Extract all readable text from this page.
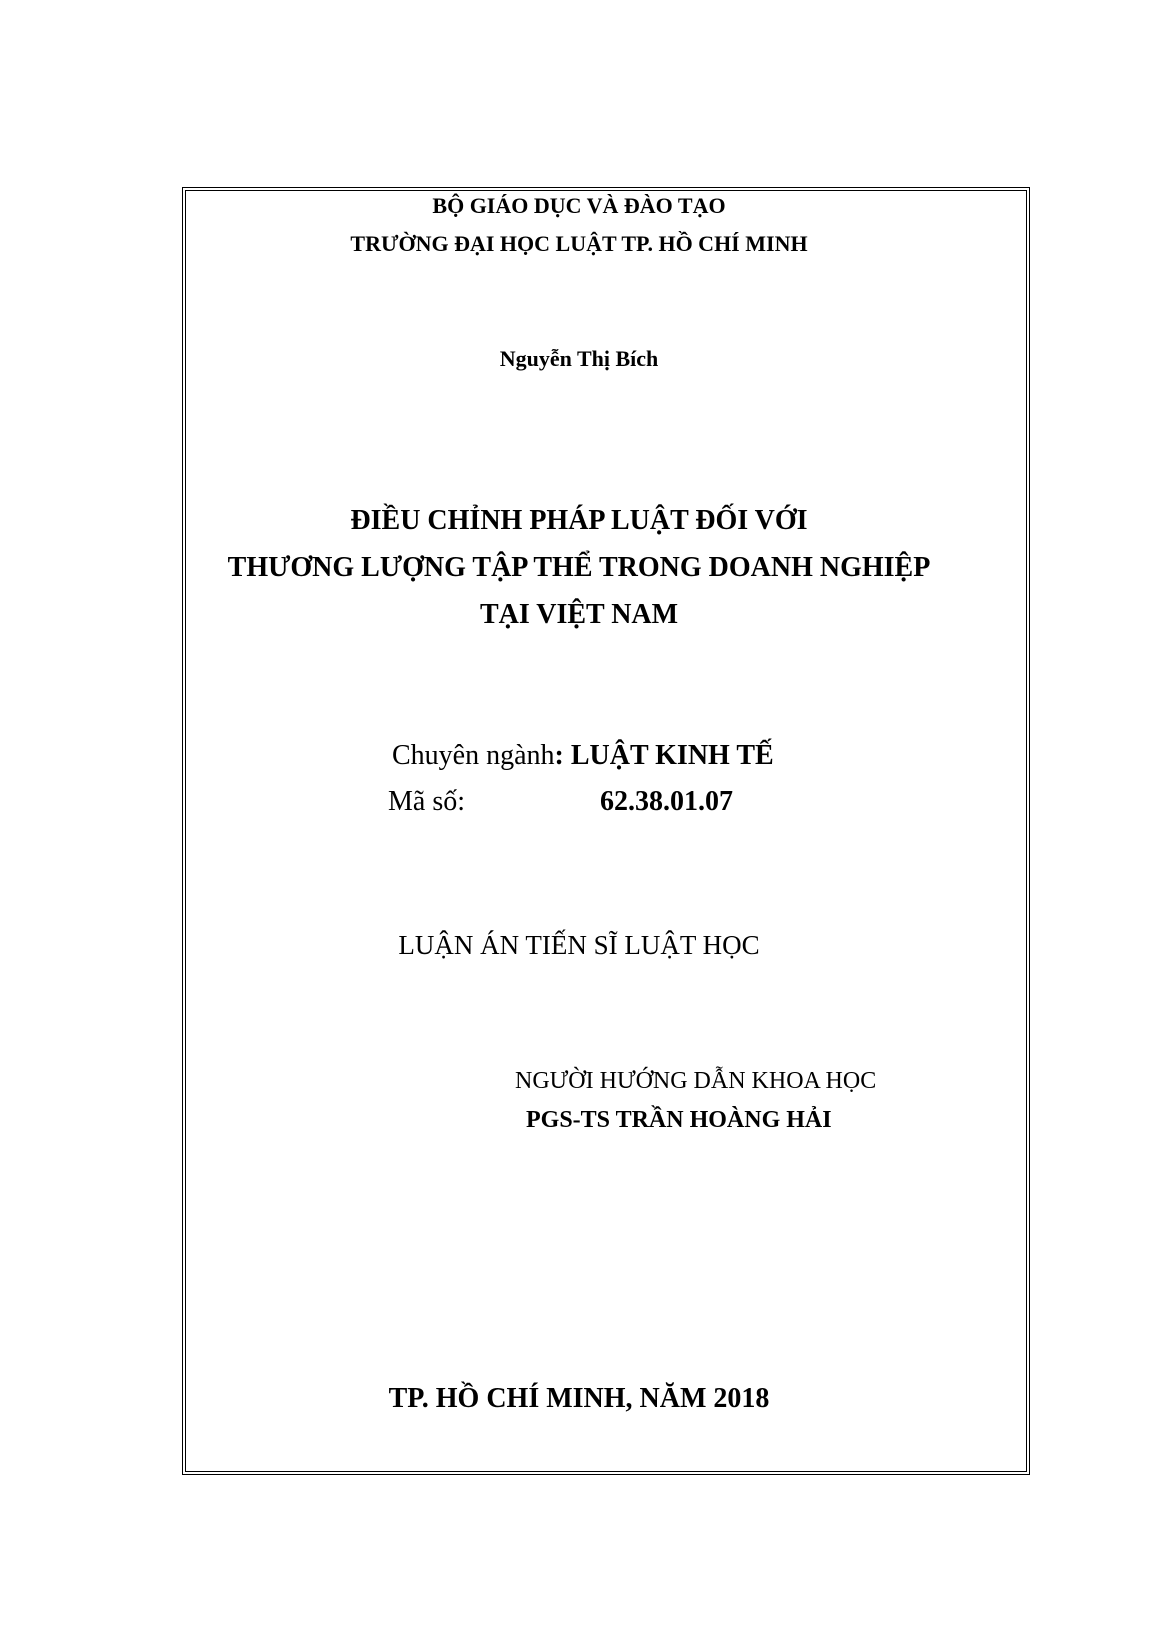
BỘ GIÁO DỤC VÀ ĐÀO TẠO
TRƯỜNG ĐẠI HỌC LUẬT TP. HỒ CHÍ MINH
Nguyễn Thị Bích
ĐIỀU CHỈNH PHÁP LUẬT ĐỐI VỚI
THƯƠNG LƯỢNG TẬP THỂ TRONG DOANH NGHIỆP
TẠI VIỆT NAM
Chuyên ngành: LUẬT KINH TẾ
Mã số:	62.38.01.07
LUẬN ÁN TIẾN SĨ LUẬT HỌC
NGƯỜI HƯỚNG DẪN KHOA HỌC
PGS-TS TRẦN HOÀNG HẢI
TP. HỒ CHÍ MINH, NĂM 2018
